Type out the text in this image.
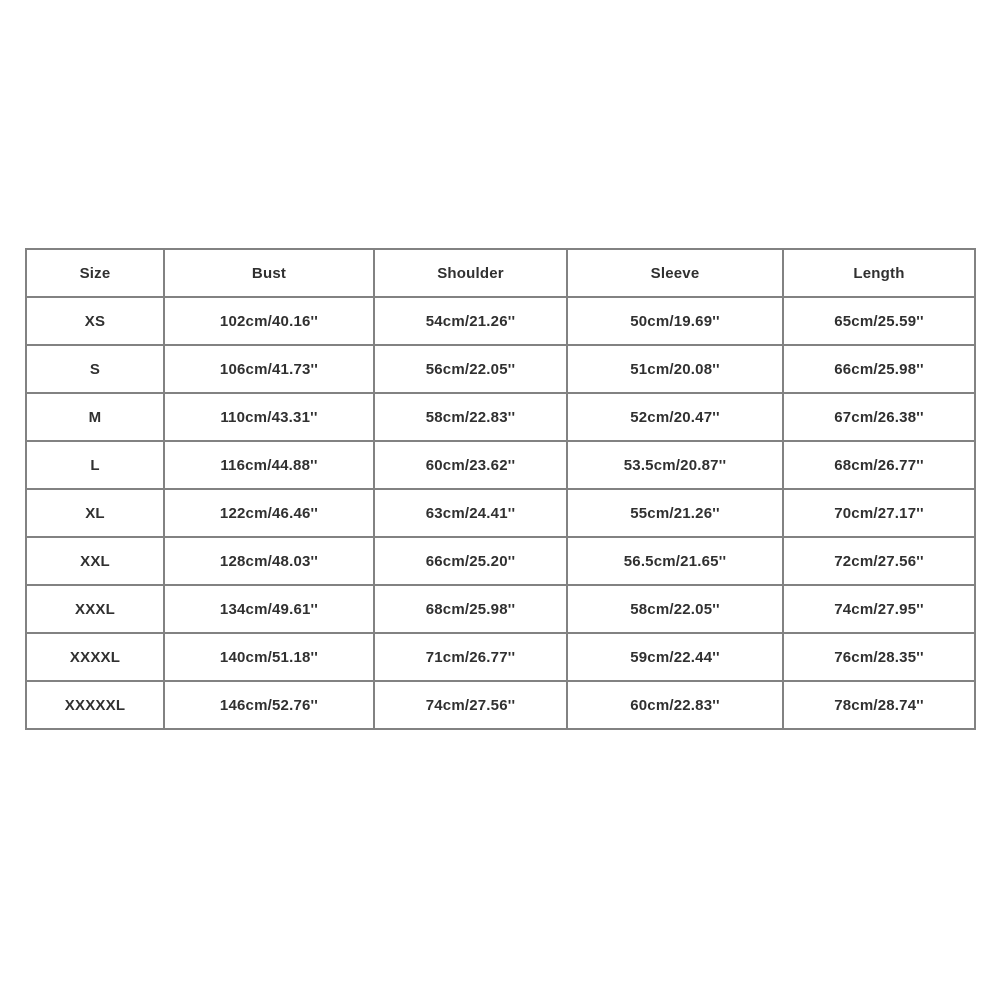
Size	Bust	Shoulder	Sleeve	Length
XS	102cm/40.16''	54cm/21.26''	50cm/19.69''	65cm/25.59''
S	106cm/41.73''	56cm/22.05''	51cm/20.08''	66cm/25.98''
M	110cm/43.31''	58cm/22.83''	52cm/20.47''	67cm/26.38''
L	116cm/44.88''	60cm/23.62''	53.5cm/20.87''	68cm/26.77''
XL	122cm/46.46''	63cm/24.41''	55cm/21.26''	70cm/27.17''
XXL	128cm/48.03''	66cm/25.20''	56.5cm/21.65''	72cm/27.56''
XXXL	134cm/49.61''	68cm/25.98''	58cm/22.05''	74cm/27.95''
XXXXL	140cm/51.18''	71cm/26.77''	59cm/22.44''	76cm/28.35''
XXXXXL	146cm/52.76''	74cm/27.56''	60cm/22.83''	78cm/28.74''
